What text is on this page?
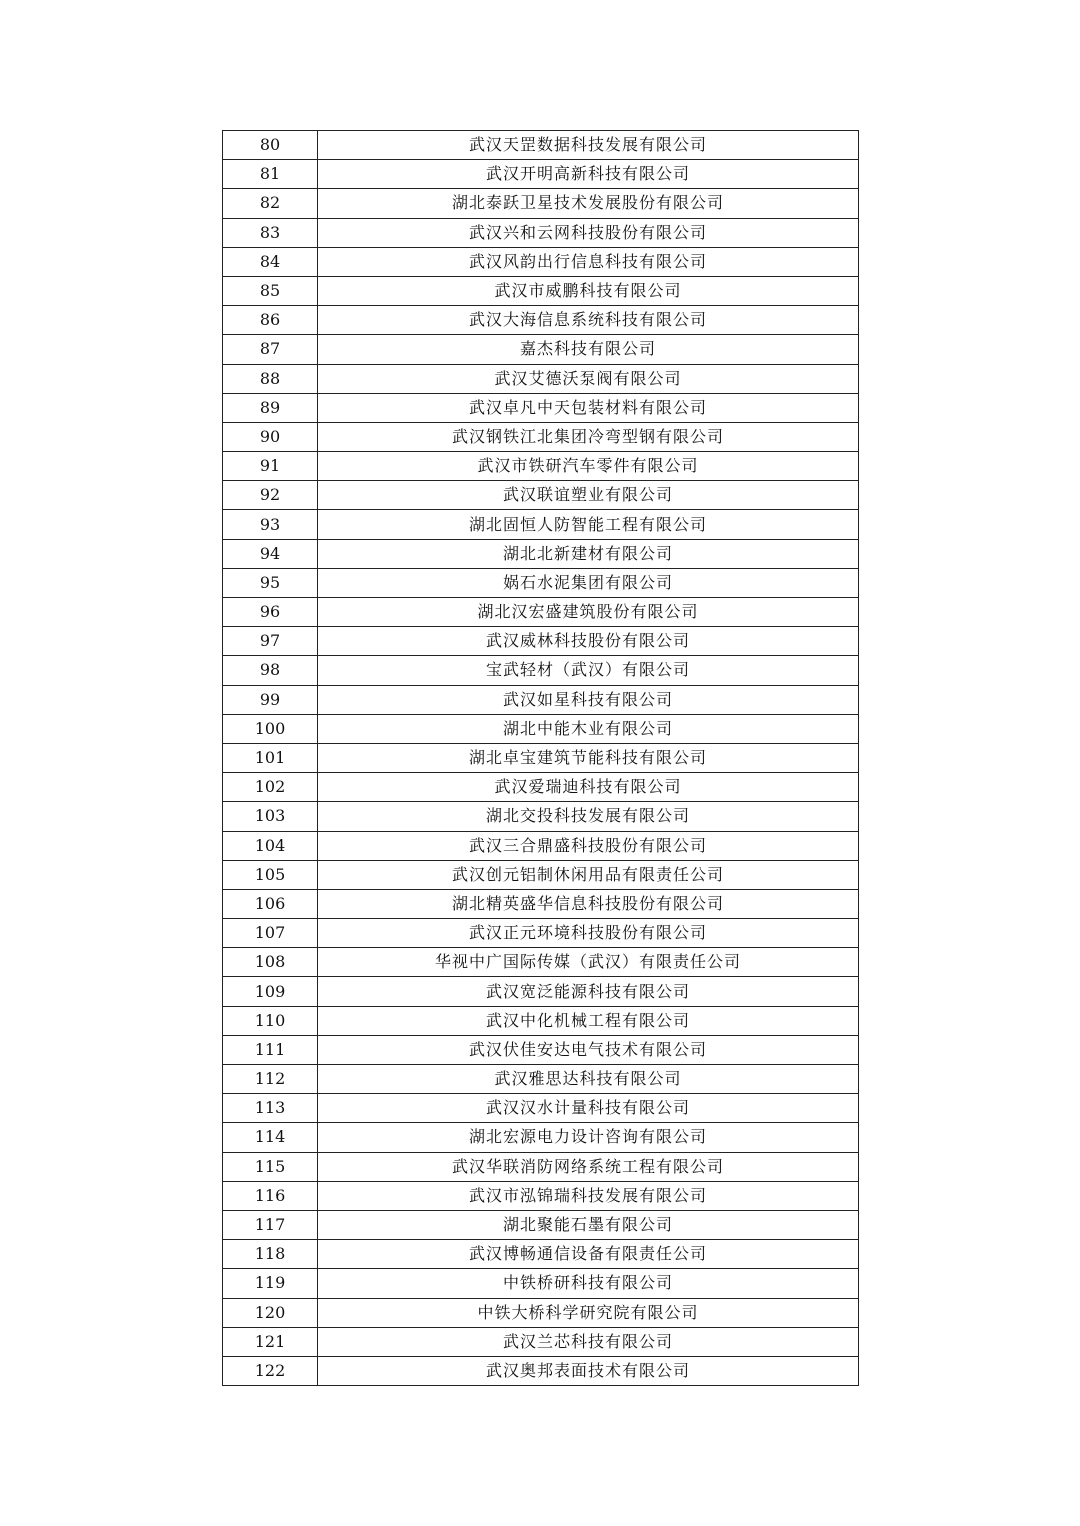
80	武汉天罡数据科技发展有限公司
81	武汉开明高新科技有限公司
82	湖北泰跃卫星技术发展股份有限公司
83	武汉兴和云网科技股份有限公司
84	武汉风韵出行信息科技有限公司
85	武汉市威鹏科技有限公司
86	武汉大海信息系统科技有限公司
87	嘉杰科技有限公司
88	武汉艾德沃泵阀有限公司
89	武汉卓凡中天包装材料有限公司
90	武汉钢铁江北集团冷弯型钢有限公司
91	武汉市铁研汽车零件有限公司
92	武汉联谊塑业有限公司
93	湖北固恒人防智能工程有限公司
94	湖北北新建材有限公司
95	娲石水泥集团有限公司
96	湖北汉宏盛建筑股份有限公司
97	武汉威林科技股份有限公司
98	宝武轻材（武汉）有限公司
99	武汉如星科技有限公司
100	湖北中能木业有限公司
101	湖北卓宝建筑节能科技有限公司
102	武汉爱瑞迪科技有限公司
103	湖北交投科技发展有限公司
104	武汉三合鼎盛科技股份有限公司
105	武汉创元铝制休闲用品有限责任公司
106	湖北精英盛华信息科技股份有限公司
107	武汉正元环境科技股份有限公司
108	华视中广国际传媒（武汉）有限责任公司
109	武汉宽泛能源科技有限公司
110	武汉中化机械工程有限公司
111	武汉伏佳安达电气技术有限公司
112	武汉雅思达科技有限公司
113	武汉汉水计量科技有限公司
114	湖北宏源电力设计咨询有限公司
115	武汉华联消防网络系统工程有限公司
116	武汉市泓锦瑞科技发展有限公司
117	湖北聚能石墨有限公司
118	武汉博畅通信设备有限责任公司
119	中铁桥研科技有限公司
120	中铁大桥科学研究院有限公司
121	武汉兰芯科技有限公司
122	武汉奥邦表面技术有限公司
